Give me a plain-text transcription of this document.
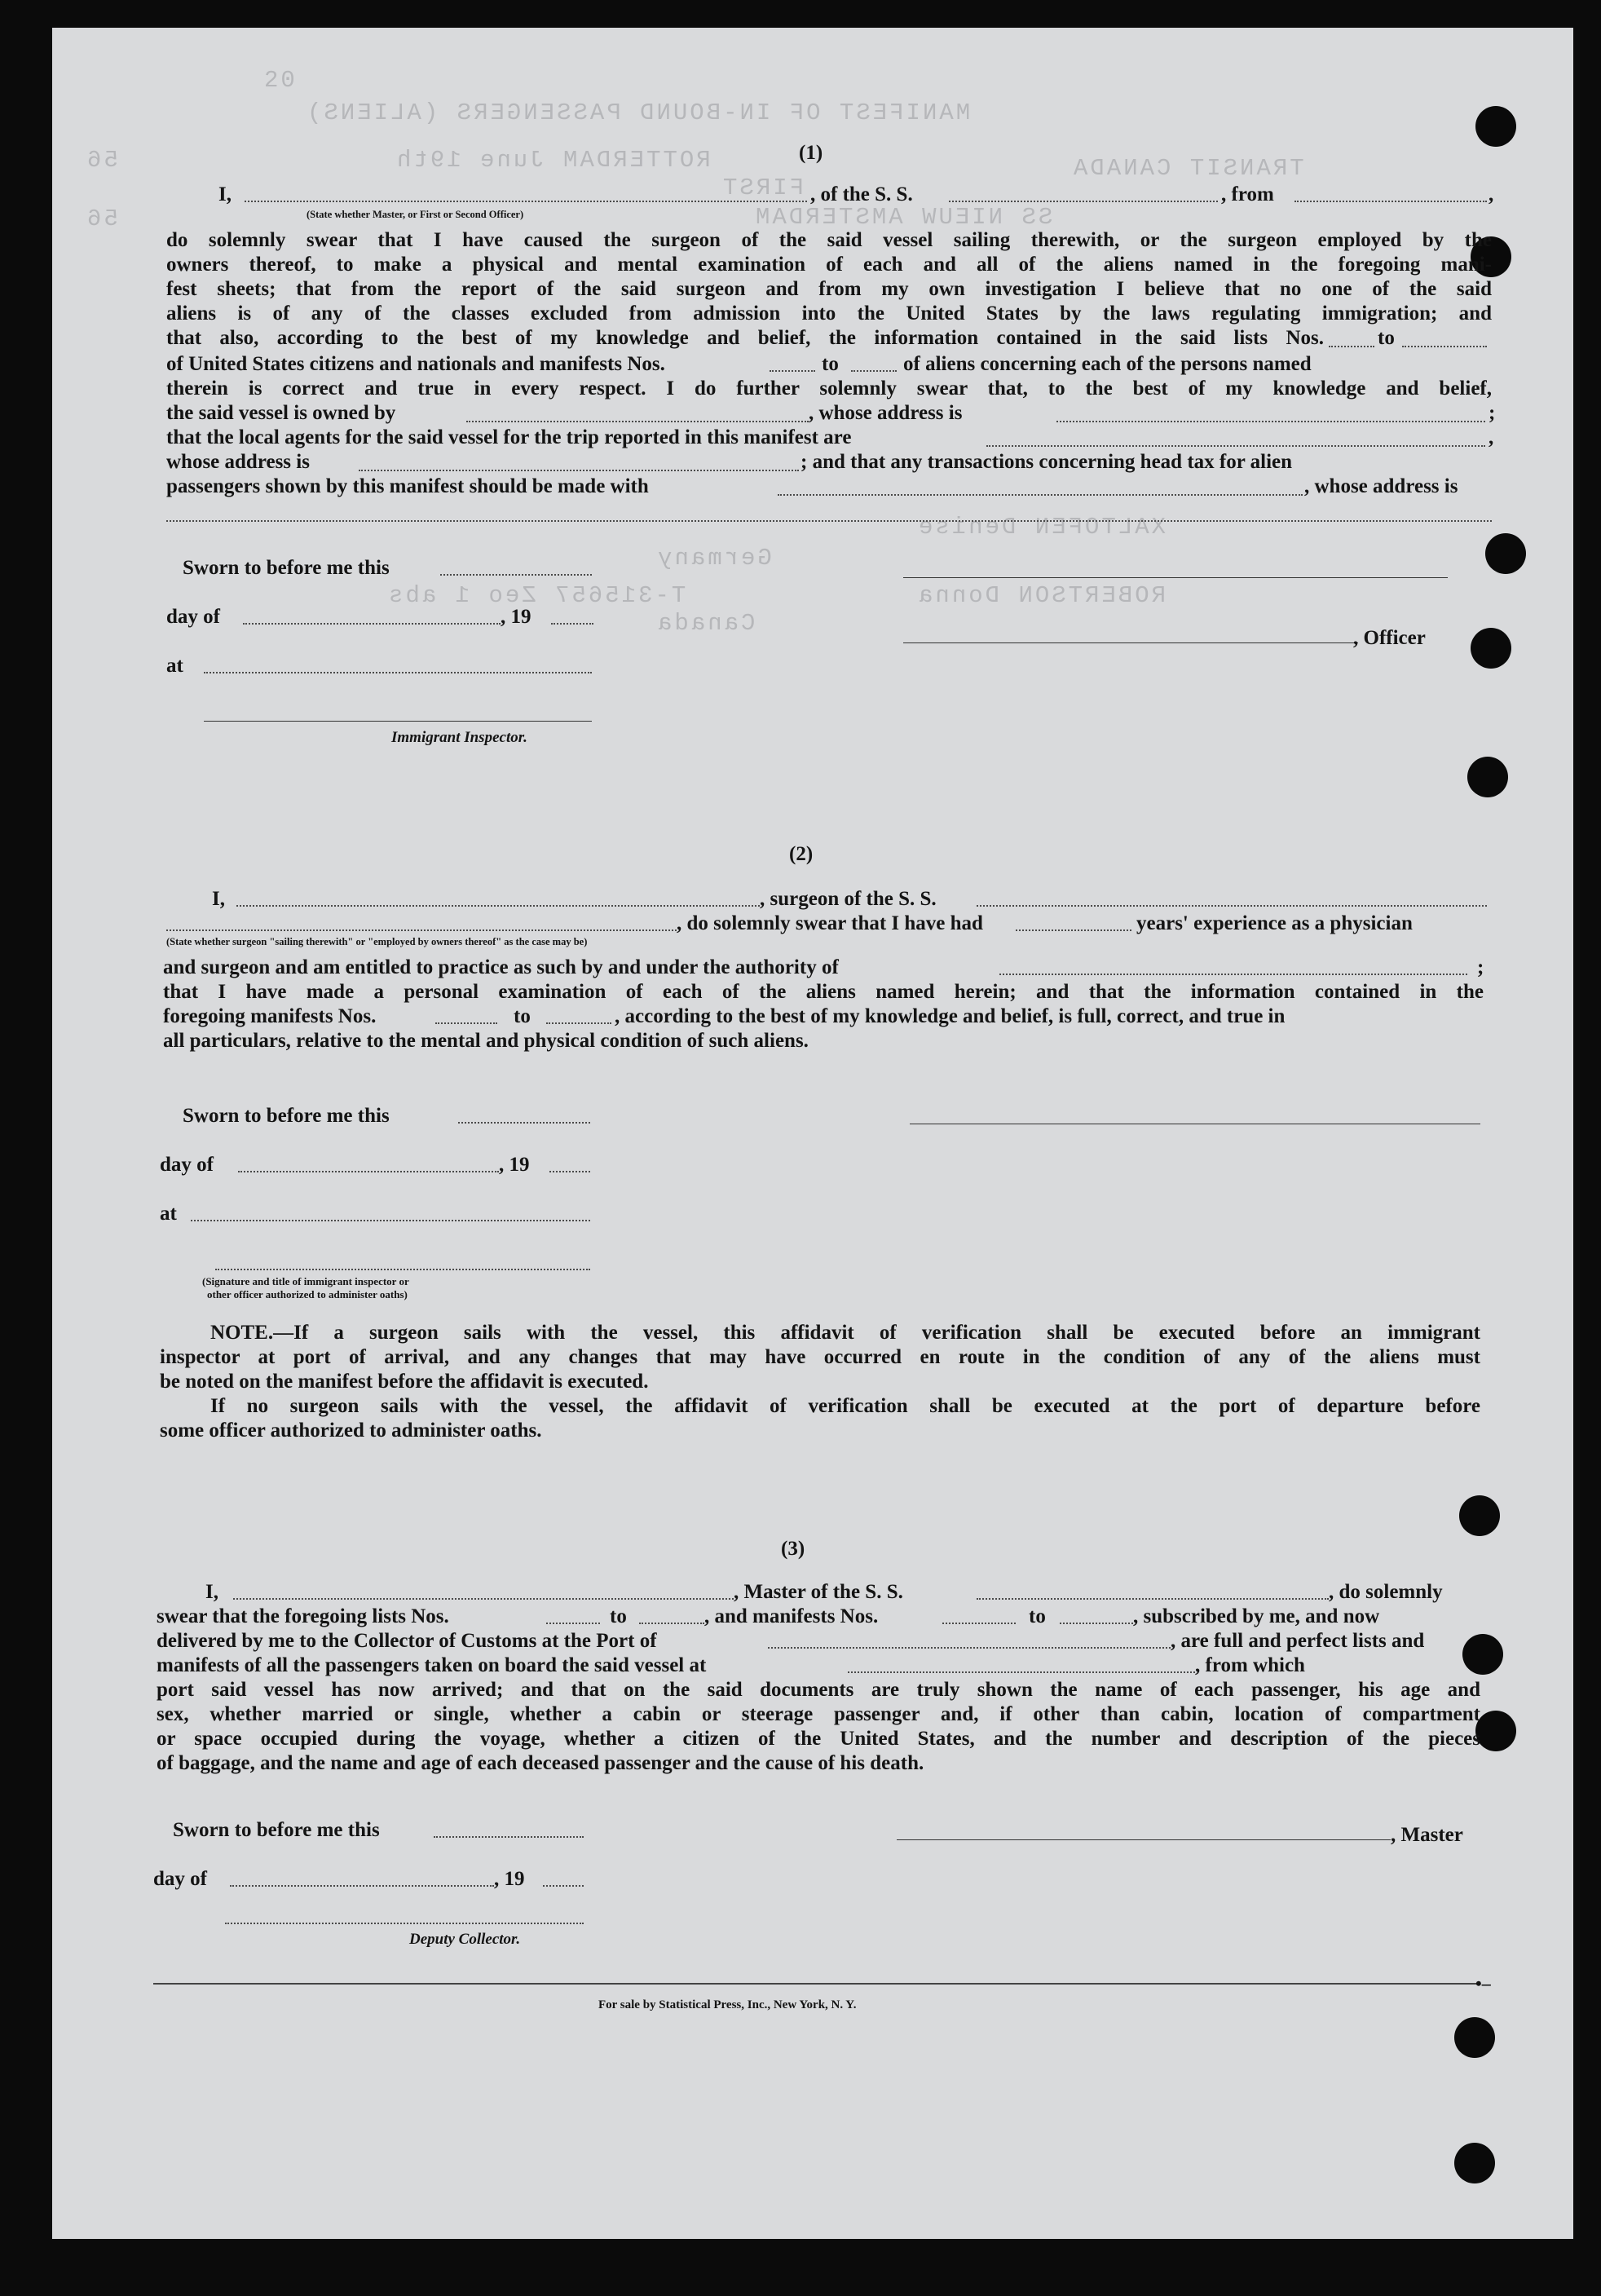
MANIFEST OF IN-BOUND PASSENGERS (ALIENS)
20
TRANSIT CANADA
FIRST
ROTTERDAM June 19th
56
SS NIEUW AMSTERDAM
56
XALTOFEN Denise
ROBERTSON Donna
Germany
Canada
T-315657 Zeo 1 abs
(1)
I,	, of the S. S.	, from	,
(State whether Master, or First or Second Officer)
do solemnly swear that I have caused the surgeon of the said vessel sailing therewith, or the surgeon employed by the
owners thereof, to make a physical and mental examination of each and all of the aliens named in the foregoing mani-
fest sheets; that from the report of the said surgeon and from my own investigation I believe that no one of the said
aliens is of any of the classes excluded from admission into the United States by the laws regulating immigration; and
that also, according to the best of my knowledge and belief, the information contained in the said lists Nos.	to
of United States citizens and nationals and manifests Nos.	to	of aliens concerning each of the persons named
therein is correct and true in every respect. I do further solemnly swear that, to the best of my knowledge and belief,
the said vessel is owned by	, whose address is	;
that the local agents for the said vessel for the trip reported in this manifest are	,
whose address is	; and that any transactions concerning head tax for alien
passengers shown by this manifest should be made with	, whose address is
Sworn to before me this
day of	, 19
, Officer
at
Immigrant Inspector.
(2)
I,	, surgeon of the S. S.
, do solemnly swear that I have had	years' experience as a physician
(State whether surgeon "sailing therewith" or "employed by owners thereof" as the case may be)
and surgeon and am entitled to practice as such by and under the authority of	;
that I have made a personal examination of each of the aliens named herein; and that the information contained in the
foregoing manifests Nos.	to	, according to the best of my knowledge and belief, is full, correct, and true in
all particulars, relative to the mental and physical condition of such aliens.
Sworn to before me this
day of	, 19
at
(Signature and title of immigrant inspector or
other officer authorized to administer oaths)
NOTE.—If a surgeon sails with the vessel, this affidavit of verification shall be executed before an immigrant
inspector at port of arrival, and any changes that may have occurred en route in the condition of any of the aliens must
be noted on the manifest before the affidavit is executed.
If no surgeon sails with the vessel, the affidavit of verification shall be executed at the port of departure before
some officer authorized to administer oaths.
(3)
I,	, Master of the S. S.	, do solemnly
swear that the foregoing lists Nos.	to	, and manifests Nos.	to	, subscribed by me, and now
delivered by me to the Collector of Customs at the Port of	, are full and perfect lists and
manifests of all the passengers taken on board the said vessel at	, from which
port said vessel has now arrived; and that on the said documents are truly shown the name of each passenger, his age and
sex, whether married or single, whether a cabin or steerage passenger and, if other than cabin, location of compartment
or space occupied during the voyage, whether a citizen of the United States, and the number and description of the pieces
of baggage, and the name and age of each deceased passenger and the cause of his death.
Sworn to before me this	, Master
day of	, 19
Deputy Collector.
For sale by Statistical Press, Inc., New York, N. Y.
•–
